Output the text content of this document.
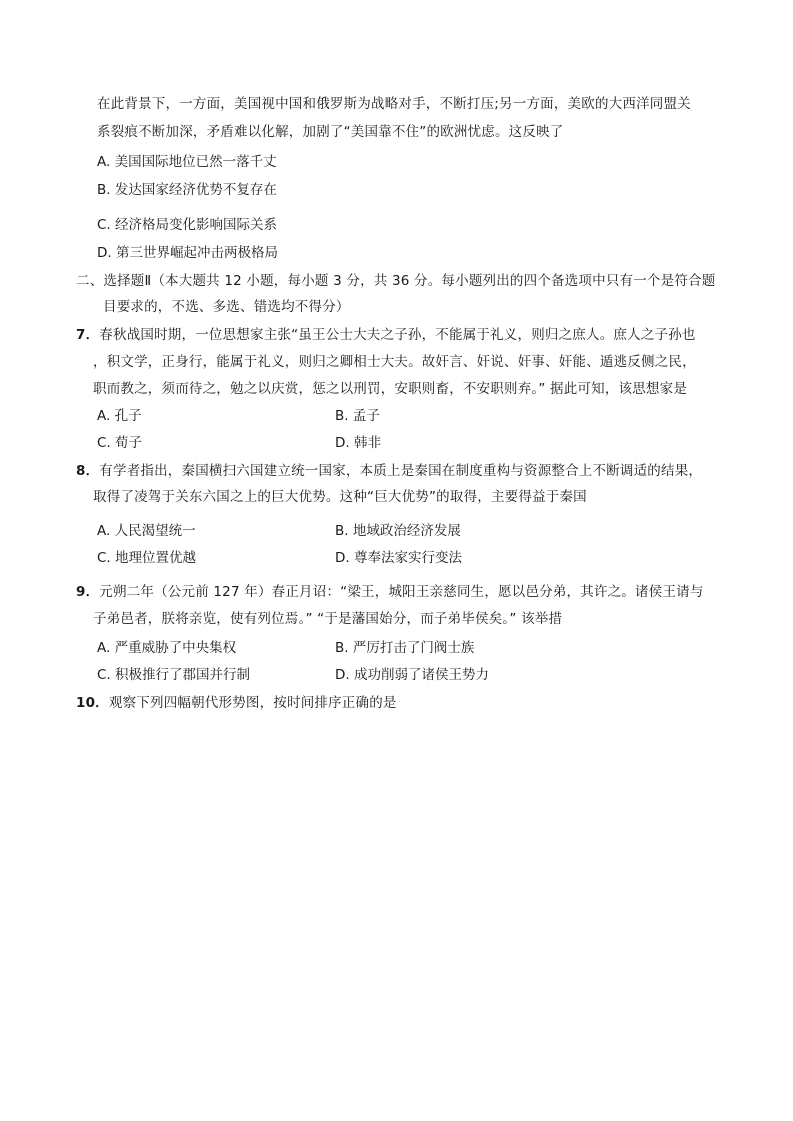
在此背景下，一方面，美国视中国和俄罗斯为战略对手，不断打压;另一方面，美欧的大西洋同盟关
系裂痕不断加深，矛盾难以化解，加剧了“美国靠不住”的欧洲忧虑。这反映了
A. 美国国际地位已然一落千丈
B. 发达国家经济优势不复存在
C. 经济格局变化影响国际关系
D. 第三世界崛起冲击两极格局
二、选择题Ⅱ（本大题共 12 小题，每小题 3 分，共 36 分。每小题列出的四个备选项中只有一个是符合题
目要求的，不选、多选、错选均不得分）
7．春秋战国时期，一位思想家主张“虽王公士大夫之子孙，不能属于礼义，则归之庶人。庶人之子孙也
，积文学，正身行，能属于礼义，则归之卿相士大夫。故奸言、奸说、奸事、奸能、遁逃反侧之民，
职而教之，须而待之，勉之以庆赏，惩之以刑罚，安职则畜，不安职则弃。” 据此可知，该思想家是
A. 孔子	B. 孟子
C. 荀子	D. 韩非
8．有学者指出，秦国横扫六国建立统一国家，本质上是秦国在制度重构与资源整合上不断调适的结果，
取得了凌驾于关东六国之上的巨大优势。这种“巨大优势”的取得，主要得益于秦国
A. 人民渴望统一	B. 地域政治经济发展
C. 地理位置优越	D. 尊奉法家实行变法
9．元朔二年（公元前 127 年）春正月诏：“梁王，城阳王亲慈同生，愿以邑分弟，其许之。诸侯王请与
子弟邑者，朕将亲览，使有列位焉。” “于是藩国始分，而子弟毕侯矣。” 该举措
A. 严重威胁了中央集权	B. 严厉打击了门阀士族
C. 积极推行了郡国并行制	D. 成功削弱了诸侯王势力
10．观察下列四幅朝代形势图，按时间排序正确的是
